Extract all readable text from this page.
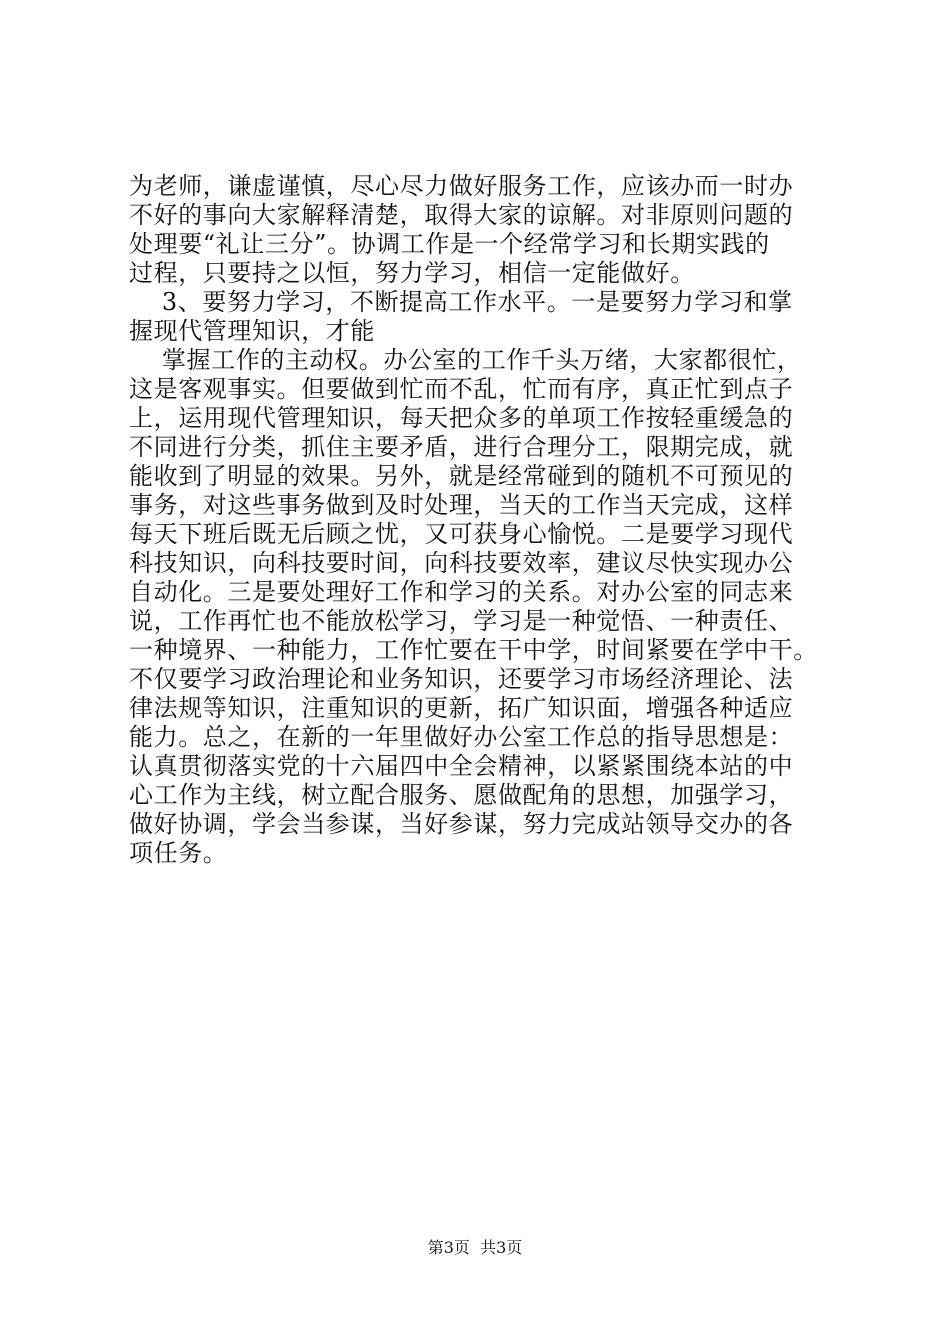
为老师，谦虚谨慎，尽心尽力做好服务工作，应该办而一时办
不好的事向大家解释清楚，取得大家的谅解。对非原则问题的
处理要“礼让三分”。协调工作是一个经常学习和长期实践的
过程，只要持之以恒，努力学习，相信一定能做好。
3、要努力学习，不断提高工作水平。一是要努力学习和掌
握现代管理知识，才能
掌握工作的主动权。办公室的工作千头万绪，大家都很忙，
这是客观事实。但要做到忙而不乱，忙而有序，真正忙到点子
上，运用现代管理知识，每天把众多的单项工作按轻重缓急的
不同进行分类，抓住主要矛盾，进行合理分工，限期完成，就
能收到了明显的效果。另外，就是经常碰到的随机不可预见的
事务，对这些事务做到及时处理，当天的工作当天完成，这样
每天下班后既无后顾之忧，又可获身心愉悦。二是要学习现代
科技知识，向科技要时间，向科技要效率，建议尽快实现办公
自动化。三是要处理好工作和学习的关系。对办公室的同志来
说，工作再忙也不能放松学习，学习是一种觉悟、一种责任、
一种境界、一种能力，工作忙要在干中学，时间紧要在学中干。
不仅要学习政治理论和业务知识，还要学习市场经济理论、法
律法规等知识，注重知识的更新，拓广知识面，增强各种适应
能力。总之，在新的一年里做好办公室工作总的指导思想是：
认真贯彻落实党的十六届四中全会精神，以紧紧围绕本站的中
心工作为主线，树立配合服务、愿做配角的思想，加强学习，
做好协调，学会当参谋，当好参谋，努力完成站领导交办的各
项任务。
第3页  共3页
